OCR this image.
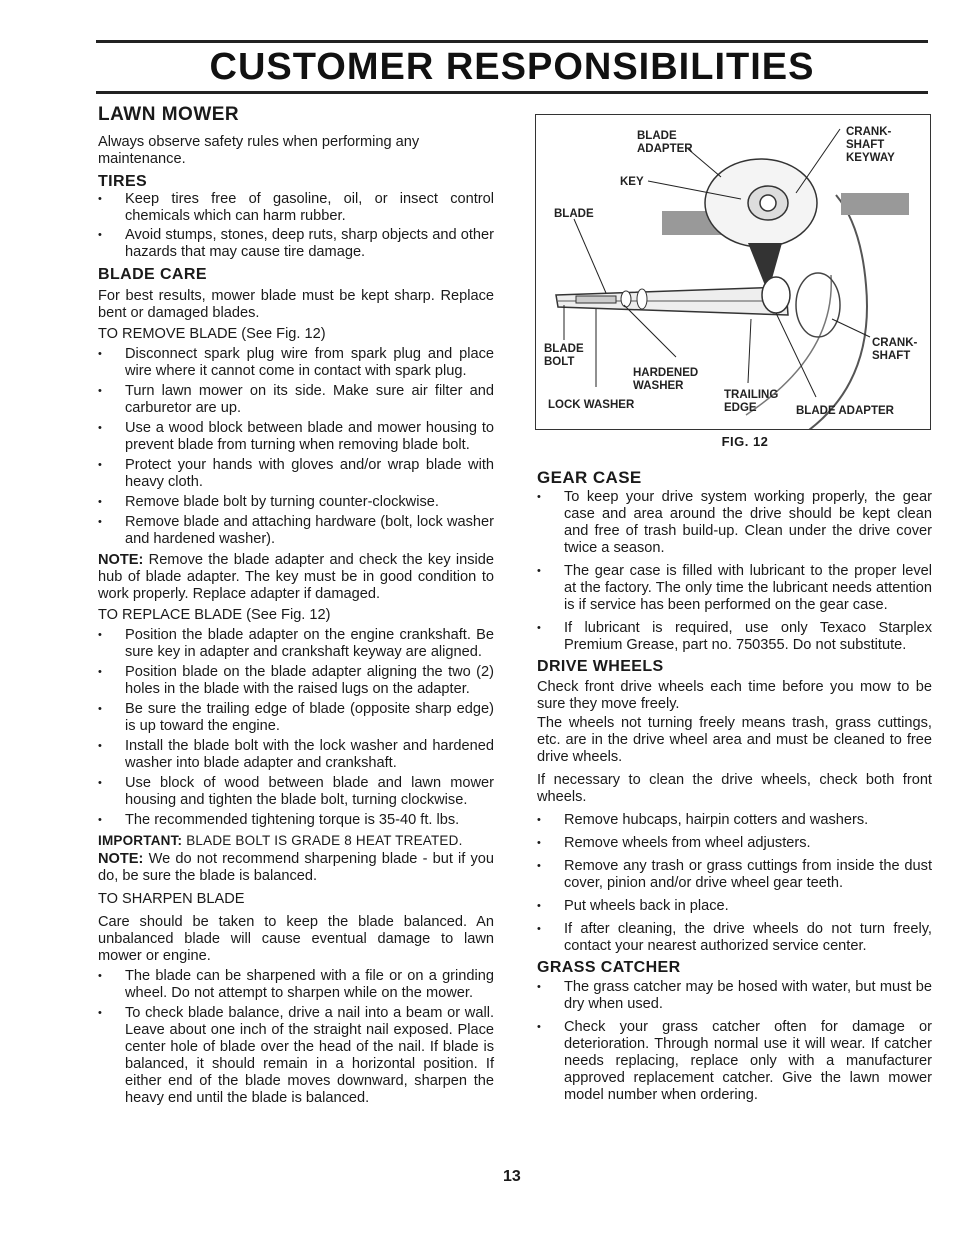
CUSTOMER RESPONSIBILITIES
LAWN MOWER

Always observe safety rules when performing any maintenance.

TIRES
• Keep tires free of gasoline, oil, or insect control chemicals which can harm rubber.
• Avoid stumps, stones, deep ruts, sharp objects and other hazards that may cause tire damage.
BLADE CARE

For best results, mower blade must be kept sharp. Replace bent or damaged blades.

TO REMOVE BLADE (See Fig. 12)

• Disconnect spark plug wire from spark plug and place wire where it cannot come in contact with spark plug.
• Turn lawn mower on its side. Make sure air filter and carburetor are up.
• Use a wood block between blade and mower housing to prevent blade from turning when removing blade bolt.
• Protect your hands with gloves and/or wrap blade with heavy cloth.
• Remove blade bolt by turning counter-clockwise.
• Remove blade and attaching hardware (bolt, lock washer and hardened washer).

NOTE: Remove the blade adapter and check the key inside hub of blade adapter. The key must be in good condition to work properly. Replace adapter if damaged.

TO REPLACE BLADE (See Fig. 12)

• Position the blade adapter on the engine crankshaft. Be sure key in adapter and crankshaft keyway are aligned.
• Position blade on the blade adapter aligning the two (2) holes in the blade with the raised lugs on the adapter.
• Be sure the trailing edge of blade (opposite sharp edge) is up toward the engine.
• Install the blade bolt with the lock washer and hardened washer into blade adapter and crankshaft.
• Use block of wood between blade and lawn mower housing and tighten the blade bolt, turning clockwise.
• The recommended tightening torque is 35-40 ft. lbs.

IMPORTANT: BLADE BOLT IS GRADE 8 HEAT TREATED.

NOTE: We do not recommend sharpening blade - but if you do, be sure the blade is balanced.

TO SHARPEN BLADE

Care should be taken to keep the blade balanced. An unbalanced blade will cause eventual damage to lawn mower or engine.

• The blade can be sharpened with a file or on a grinding wheel. Do not attempt to sharpen while on the mower.
• To check blade balance, drive a nail into a beam or wall. Leave about one inch of the straight nail exposed. Place center hole of blade over the head of the nail. If blade is balanced, it should remain in a horizontal position. If either end of the blade moves downward, sharpen the heavy end until the blade is balanced.
BLADE
ADAPTER
CRANK-
SHAFT
KEYWAY
KEY
BLADE
BLADE
BOLT
HARDENED
WASHER
CRANK-
SHAFT
TRAILING
EDGE
LOCK WASHER	BLADE ADAPTER
FIG. 12
GEAR CASE
• To keep your drive system working properly, the gear case and area around the drive should be kept clean and free of trash build-up. Clean under the drive cover twice a season.
• The gear case is filled with lubricant to the proper level at the factory. The only time the lubricant needs attention is if service has been performed on the gear case.
• If lubricant is required, use only Texaco Starplex Premium Grease, part no. 750355. Do not substitute.
DRIVE WHEELS

Check front drive wheels each time before you mow to be sure they move freely.

The wheels not turning freely means trash, grass cuttings, etc. are in the drive wheel area and must be cleaned to free drive wheels.

If necessary to clean the drive wheels, check both front wheels.

• Remove hubcaps, hairpin cotters and washers.
• Remove wheels from wheel adjusters.
• Remove any trash or grass cuttings from inside the dust cover, pinion and/or drive wheel gear teeth.
• Put wheels back in place.
• If after cleaning, the drive wheels do not turn freely, contact your nearest authorized service center.
GRASS CATCHER
• The grass catcher may be hosed with water, but must be dry when used.
• Check your grass catcher often for damage or deterioration. Through normal use it will wear. If catcher needs replacing, replace only with a manufacturer approved replacement catcher. Give the lawn mower model number when ordering.
13
